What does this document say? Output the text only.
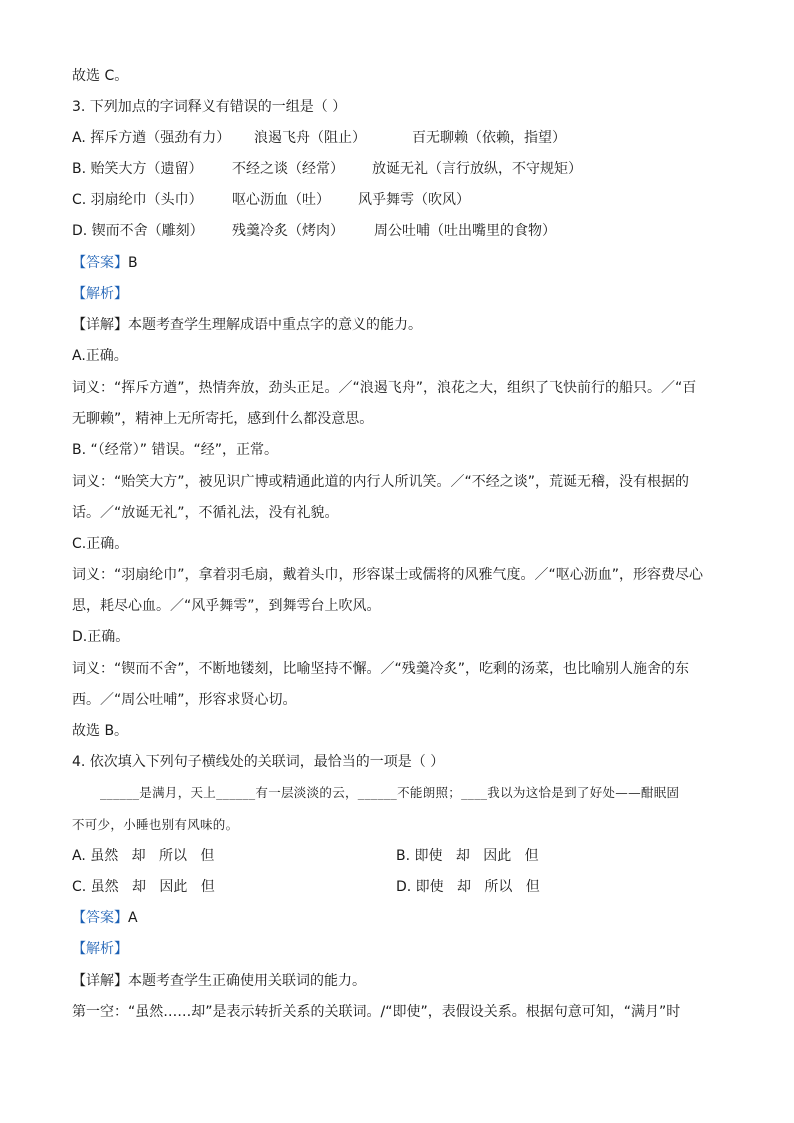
故选 C。
3. 下列加点的字词释义有错误的一组是（ ）
A. 挥斥方遒（强劲有力） 浪遏飞舟（阻止）	百无聊赖（依赖，指望）
B. 贻笑大方（遗留） 不经之谈（经常） 放诞无礼（言行放纵，不守规矩）
C. 羽扇纶巾（头巾） 呕心沥血（吐） 风乎舞雩（吹风）
D. 锲而不舍（雕刻） 残羹冷炙（烤肉） 周公吐哺（吐出嘴里的食物）
【答案】B
【解析】
【详解】本题考查学生理解成语中重点字的意义的能力。
A.正确。
词义：“挥斥方遒”，热情奔放，劲头正足。／“浪遏飞舟”，浪花之大，组织了飞快前行的船只。／“百
无聊赖”，精神上无所寄托，感到什么都没意思。
B. “（经常）” 错误。“经”，正常。
词义：“贻笑大方”，被见识广博或精通此道的内行人所讥笑。／“不经之谈”，荒诞无稽，没有根据的
话。／“放诞无礼”，不循礼法，没有礼貌。
C.正确。
词义：“羽扇纶巾”，拿着羽毛扇，戴着头巾，形容谋士或儒将的风雅气度。／“呕心沥血”，形容费尽心
思，耗尽心血。／“风乎舞雩”，到舞雩台上吹风。
D.正确。
词义：“锲而不舍”，不断地镂刻，比喻坚持不懈。／“残羹冷炙”，吃剩的汤菜，也比喻别人施舍的东
西。／“周公吐哺”，形容求贤心切。
故选 B。
4. 依次填入下列句子横线处的关联词，最恰当的一项是（ ）
______是满月，天上______有一层淡淡的云，______不能朗照；____我以为这恰是到了好处——酣眠固
不可少，小睡也别有风味的。
A. 虽然 却 所以 但	B. 即使 却 因此 但
C. 虽然 却 因此 但	D. 即使 却 所以 但
【答案】A
【解析】
【详解】本题考查学生正确使用关联词的能力。
第一空：“虽然……却”是表示转折关系的关联词。/“即使”，表假设关系。根据句意可知，“满月”时
